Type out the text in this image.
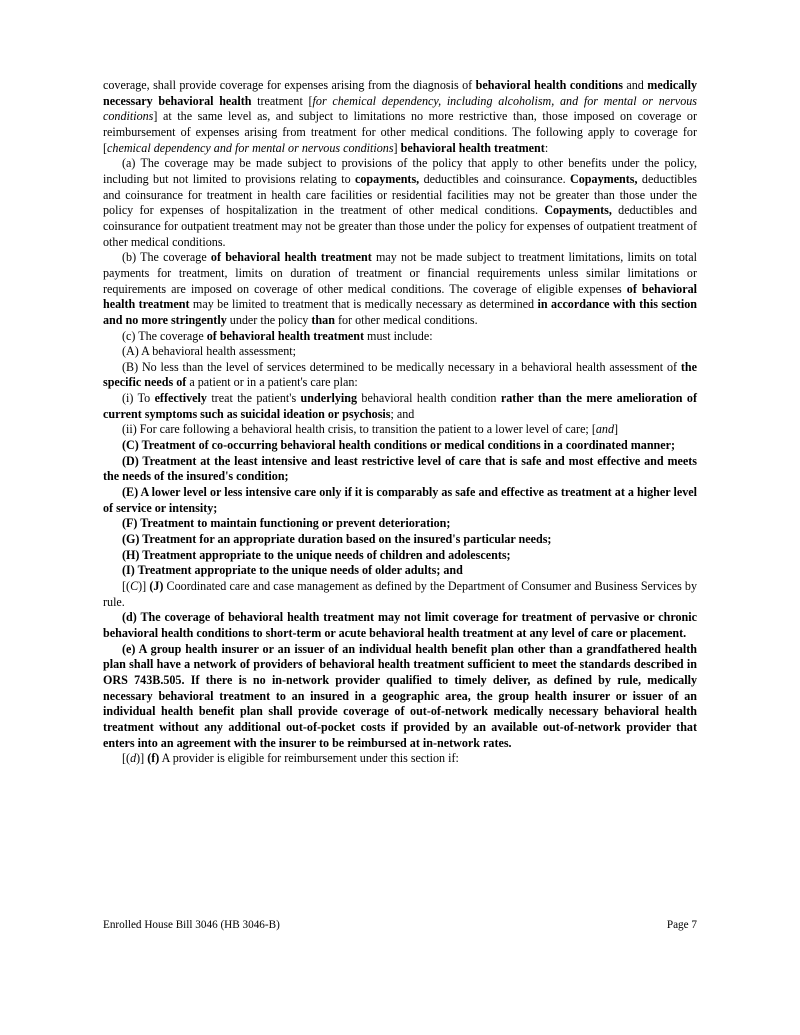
coverage, shall provide coverage for expenses arising from the diagnosis of behavioral health conditions and medically necessary behavioral health treatment [for chemical dependency, including alcoholism, and for mental or nervous conditions] at the same level as, and subject to limitations no more restrictive than, those imposed on coverage or reimbursement of expenses arising from treatment for other medical conditions. The following apply to coverage for [chemical dependency and for mental or nervous conditions] behavioral health treatment:

(a) The coverage may be made subject to provisions of the policy that apply to other benefits under the policy, including but not limited to provisions relating to copayments, deductibles and coinsurance. Copayments, deductibles and coinsurance for treatment in health care facilities or residential facilities may not be greater than those under the policy for expenses of hospitalization in the treatment of other medical conditions. Copayments, deductibles and coinsurance for outpatient treatment may not be greater than those under the policy for expenses of outpatient treatment of other medical conditions.

(b) The coverage of behavioral health treatment may not be made subject to treatment limitations, limits on total payments for treatment, limits on duration of treatment or financial requirements unless similar limitations or requirements are imposed on coverage of other medical conditions. The coverage of eligible expenses of behavioral health treatment may be limited to treatment that is medically necessary as determined in accordance with this section and no more stringently under the policy than for other medical conditions.

(c) The coverage of behavioral health treatment must include:

(A) A behavioral health assessment;

(B) No less than the level of services determined to be medically necessary in a behavioral health assessment of the specific needs of a patient or in a patient's care plan:

(i) To effectively treat the patient's underlying behavioral health condition rather than the mere amelioration of current symptoms such as suicidal ideation or psychosis; and

(ii) For care following a behavioral health crisis, to transition the patient to a lower level of care; [and]

(C) Treatment of co-occurring behavioral health conditions or medical conditions in a coordinated manner;

(D) Treatment at the least intensive and least restrictive level of care that is safe and most effective and meets the needs of the insured's condition;

(E) A lower level or less intensive care only if it is comparably as safe and effective as treatment at a higher level of service or intensity;

(F) Treatment to maintain functioning or prevent deterioration;

(G) Treatment for an appropriate duration based on the insured's particular needs;

(H) Treatment appropriate to the unique needs of children and adolescents;

(I) Treatment appropriate to the unique needs of older adults; and

[(C)] (J) Coordinated care and case management as defined by the Department of Consumer and Business Services by rule.

(d) The coverage of behavioral health treatment may not limit coverage for treatment of pervasive or chronic behavioral health conditions to short-term or acute behavioral health treatment at any level of care or placement.

(e) A group health insurer or an issuer of an individual health benefit plan other than a grandfathered health plan shall have a network of providers of behavioral health treatment sufficient to meet the standards described in ORS 743B.505. If there is no in-network provider qualified to timely deliver, as defined by rule, medically necessary behavioral treatment to an insured in a geographic area, the group health insurer or issuer of an individual health benefit plan shall provide coverage of out-of-network medically necessary behavioral health treatment without any additional out-of-pocket costs if provided by an available out-of-network provider that enters into an agreement with the insurer to be reimbursed at in-network rates.

[(d)] (f) A provider is eligible for reimbursement under this section if:

Enrolled House Bill 3046 (HB 3046-B)	Page 7
